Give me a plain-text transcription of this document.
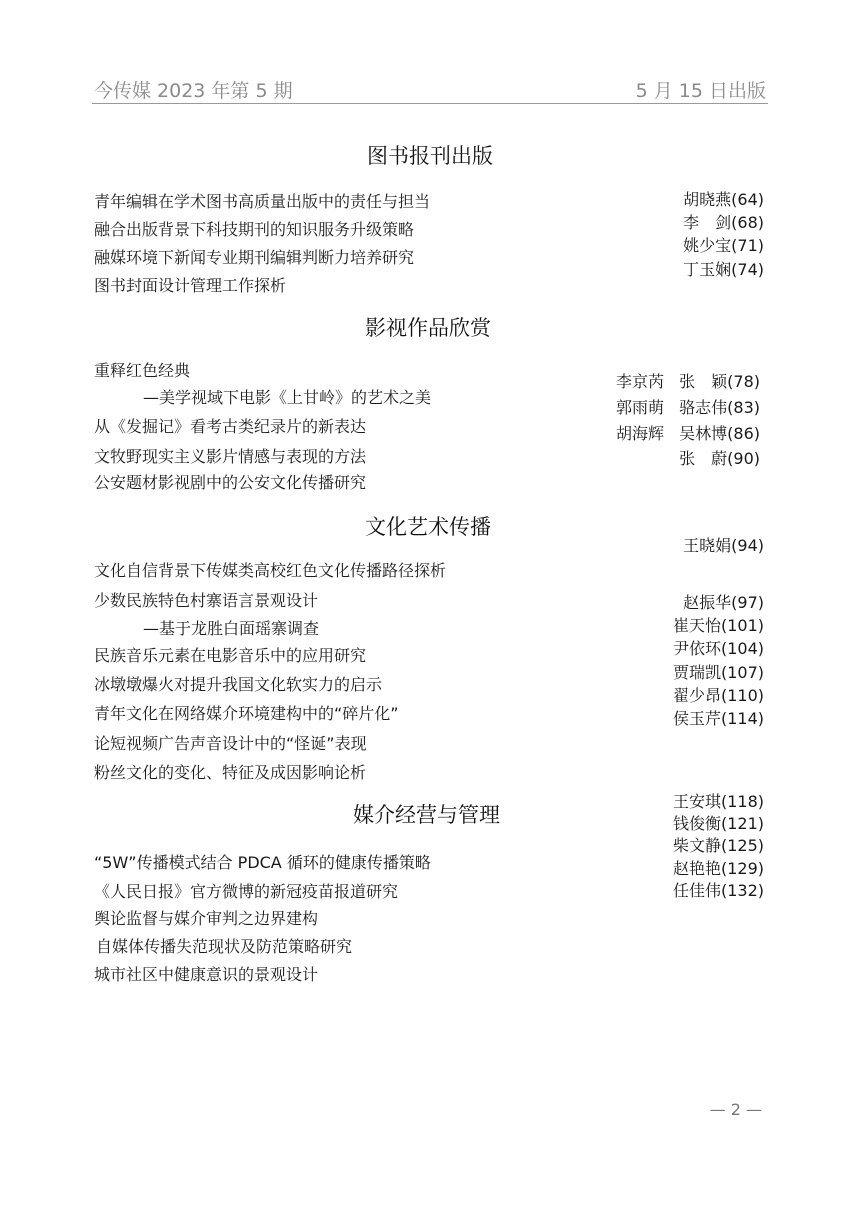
今传媒 2023 年第 5 期	5 月 15 日出版
图书报刊出版
青年编辑在学术图书高质量出版中的责任与担当
融合出版背景下科技期刊的知识服务升级策略
融媒环境下新闻专业期刊编辑判断力培养研究
图书封面设计管理工作探析
胡晓燕(64)
李　剑(68)
姚少宝(71)
丁玉娴(74)
影视作品欣赏
重释红色经典
—美学视域下电影《上甘岭》的艺术之美
从《发掘记》看考古类纪录片的新表达
文牧野现实主义影片情感与表现的方法
公安题材影视剧中的公安文化传播研究
李京芮
郭雨萌
胡海辉
张　颖(78)
骆志伟(83)
吴林博(86)
张　蔚(90)
文化艺术传播
王晓娟(94)
文化自信背景下传媒类高校红色文化传播路径探析
少数民族特色村寨语言景观设计
—基于龙胜白面瑶寨调查
民族音乐元素在电影音乐中的应用研究
冰墩墩爆火对提升我国文化软实力的启示
青年文化在网络媒介环境建构中的“碎片化”
论短视频广告声音设计中的“怪诞”表现
粉丝文化的变化、特征及成因影响论析
赵振华(97)
崔天怡(101)
尹依环(104)
贾瑞凯(107)
翟少昂(110)
侯玉芹(114)
媒介经营与管理
王安琪(118)
钱俊衡(121)
柴文静(125)
赵艳艳(129)
任佳伟(132)
“5W”传播模式结合 PDCA 循环的健康传播策略
《人民日报》官方微博的新冠疫苗报道研究
舆论监督与媒介审判之边界建构
自媒体传播失范现状及防范策略研究
城市社区中健康意识的景观设计
— 2 —
